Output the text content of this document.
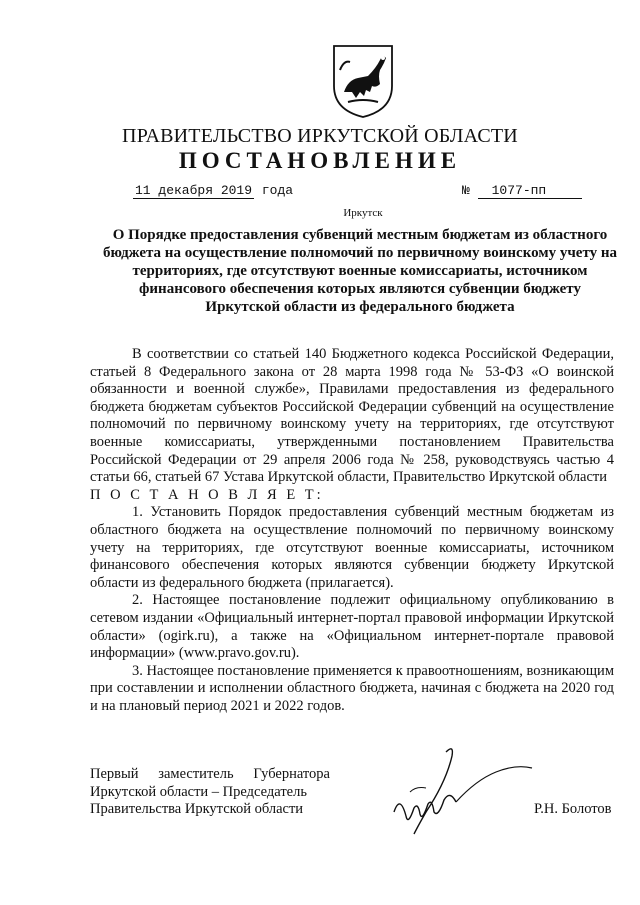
ПРАВИТЕЛЬСТВО ИРКУТСКОЙ ОБЛАСТИ
ПОСТАНОВЛЕНИЕ
11 декабря 2019 года	№ 1077-пп
Иркутск
О Порядке предоставления субвенций местным бюджетам из областного бюджета на осуществление полномочий по первичному воинскому учету на территориях, где отсутствуют военные комиссариаты, источником финансового обеспечения которых являются субвенции бюджету Иркутской области из федерального бюджета

В соответствии со статьей 140 Бюджетного кодекса Российской Федерации, статьей 8 Федерального закона от 28 марта 1998 года № 53-ФЗ «О воинской обязанности и военной службе», Правилами предоставления из федерального бюджета бюджетам субъектов Российской Федерации субвенций на осуществление полномочий по первичному воинскому учету на территориях, где отсутствуют военные комиссариаты, утвержденными постановлением Правительства Российской Федерации от 29 апреля 2006 года № 258, руководствуясь частью 4 статьи 66, статьей 67 Устава Иркутской области, Правительство Иркутской области

П О С Т А Н О В Л Я Е Т:

1. Установить Порядок предоставления субвенций местным бюджетам из областного бюджета на осуществление полномочий по первичному воинскому учету на территориях, где отсутствуют военные комиссариаты, источником финансового обеспечения которых являются субвенции бюджету Иркутской области из федерального бюджета (прилагается).

2. Настоящее постановление подлежит официальному опубликованию в сетевом издании «Официальный интернет-портал правовой информации Иркутской области» (ogirk.ru), а также на «Официальном интернет-портале правовой информации» (www.pravo.gov.ru).

3. Настоящее постановление применяется к правоотношениям, возникающим при составлении и исполнении областного бюджета, начиная с бюджета на 2020 год и на плановый период 2021 и 2022 годов.

Первый заместитель Губернатора

Иркутской области – Председатель

Правительства Иркутской области	Р.Н. Болотов
